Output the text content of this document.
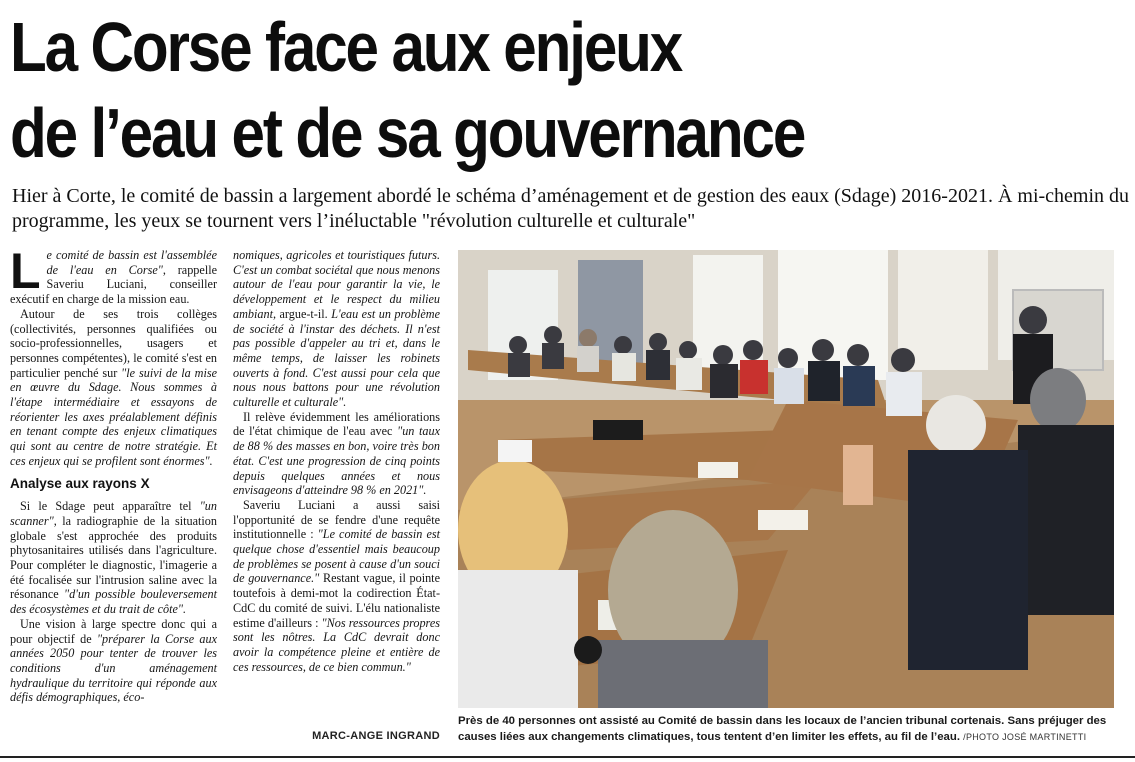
La Corse face aux enjeux
de l’eau et de sa gouvernance

Hier à Corte, le comité de bassin a largement abordé le schéma d’aménagement et de gestion des eaux (Sdage) 2016-2021. À mi-chemin du programme, les yeux se tournent vers l’inéluctable "révolution culturelle et culturale"

Le comité de bassin est l'assemblée de l'eau en Corse", rappelle Saveriu Luciani, conseiller exécutif en charge de la mission eau.

Autour de ses trois collèges (collectivités, personnes qualifiées ou socio-professionnelles, usagers et personnes compétentes), le comité s'est en particulier penché sur "le suivi de la mise en œuvre du Sdage. Nous sommes à l'étape intermédiaire et essayons de réorienter les axes préalablement définis en tenant compte des enjeux climatiques qui sont au centre de notre stratégie. Et ces enjeux qui se profilent sont énormes".

Analyse aux rayons X

Si le Sdage peut apparaître tel "un scanner", la radiographie de la situation globale s'est approchée des produits phytosanitaires utilisés dans l'agriculture. Pour compléter le diagnostic, l'imagerie a été focalisée sur l'intrusion saline avec la résonance "d'un possible bouleversement des écosystèmes et du trait de côte".

Une vision à large spectre donc qui a pour objectif de "préparer la Corse aux années 2050 pour tenter de trouver les conditions d'un aménagement hydraulique du territoire qui réponde aux défis démographiques, éco-

nomiques, agricoles et touristiques futurs. C'est un combat sociétal que nous menons autour de l'eau pour garantir la vie, le développement et le respect du milieu ambiant, argue-t-il. L'eau est un problème de société à l'instar des déchets. Il n'est pas possible d'appeler au tri et, dans le même temps, de laisser les robinets ouverts à fond. C'est aussi pour cela que nous nous battons pour une révolution culturelle et culturale".

Il relève évidemment les améliorations de l'état chimique de l'eau avec "un taux de 88 % des masses en bon, voire très bon état. C'est une progression de cinq points depuis quelques années et nous envisageons d'atteindre 98 % en 2021".

Saveriu Luciani a aussi saisi l'opportunité de se fendre d'une requête institutionnelle : "Le comité de bassin est quelque chose d'essentiel mais beaucoup de problèmes se posent à cause d'un souci de gouvernance." Restant vague, il pointe toutefois à demi-mot la codirection État-CdC du comité de suivi. L'élu nationaliste estime d'ailleurs : "Nos ressources propres sont les nôtres. La CdC devrait donc avoir la compétence pleine et entière de ces ressources, de ce bien commun."

MARC-ANGE INGRAND
Près de 40 personnes ont assisté au Comité de bassin dans les locaux de l’ancien tribunal cortenais. Sans préjuger des causes liées aux changements climatiques, tous tentent d’en limiter les effets, au fil de l’eau. /PHOTO JOSÉ MARTINETTI
